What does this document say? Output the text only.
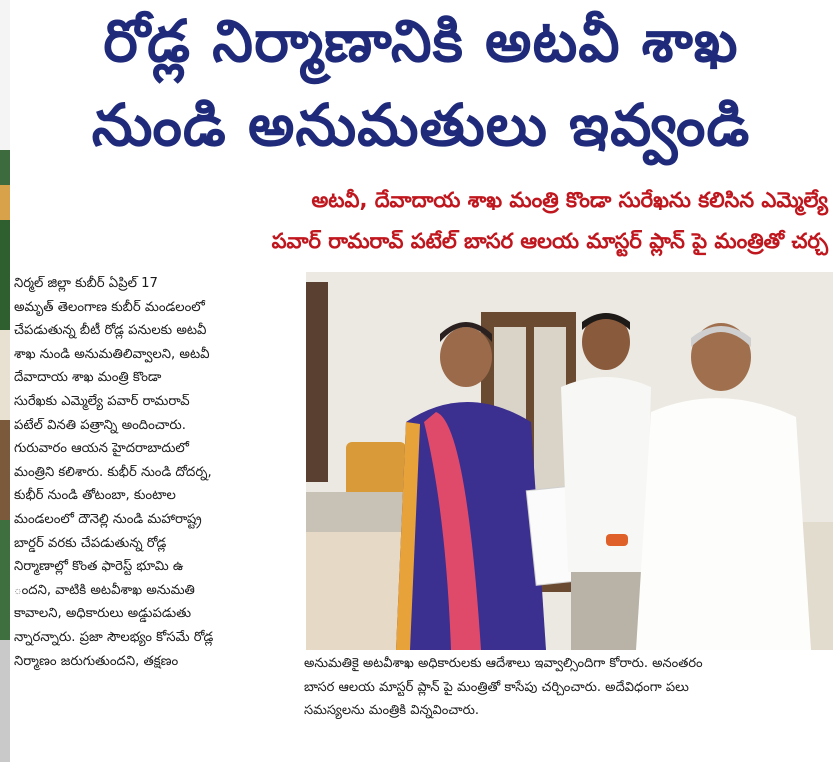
రోడ్ల నిర్మాణానికి అటవీ శాఖ
నుండి అనుమతులు ఇవ్వండి
అటవీ, దేవాదాయ శాఖ మంత్రి కొండా సురేఖను కలిసిన ఎమ్మెల్యే
పవార్ రామరావ్ పటేల్ బాసర ఆలయ మాస్టర్ ప్లాన్ పై మంత్రితో చర్చ
నిర్మల్ జిల్లా కుబీర్ ఏప్రిల్ 17
అమృత్ తెలంగాణ కుబీర్ మండలంలో
చేపడుతున్న బీటీ రోడ్ల పనులకు అటవీ
శాఖ నుండి అనుమతిలివ్వాలని, అటవీ
దేవాదాయ శాఖ మంత్రి కొండా
సురేఖకు ఎమ్మెల్యే పవార్ రామరావ్
పటేల్ వినతి పత్రాన్ని అందించారు.
గురువారం ఆయన హైదరాబాదులో
మంత్రిని కలిశారు. కుభీర్ నుండి దోదర్న,
కుభీర్ నుండి తోటంబా, కుంటాల
మండలంలో దౌనెల్లి నుండి మహారాష్ట్ర
బార్డర్ వరకు చేపడుతున్న రోడ్ల
నిర్మాణాల్లో కొంత ఫారెస్ట్ భూమి ఉ
ందని, వాటికి అటవీశాఖ అనుమతి
కావాలని, అధికారులు అడ్డుపడుతు
న్నారన్నారు. ప్రజా సౌలభ్యం కోసమే రోడ్ల
నిర్మాణం జరుగుతుందని, తక్షణం	అనుమతికై అటవీశాఖ అధికారులకు ఆదేశాలు ఇవ్వాల్సిందిగా కోరారు. అనంతరం
బాసర ఆలయ మాస్టర్ ప్లాన్ పై మంత్రితో కాసేపు చర్చించారు. అదేవిధంగా పలు
సమస్యలను మంత్రికి విన్నవించారు.
